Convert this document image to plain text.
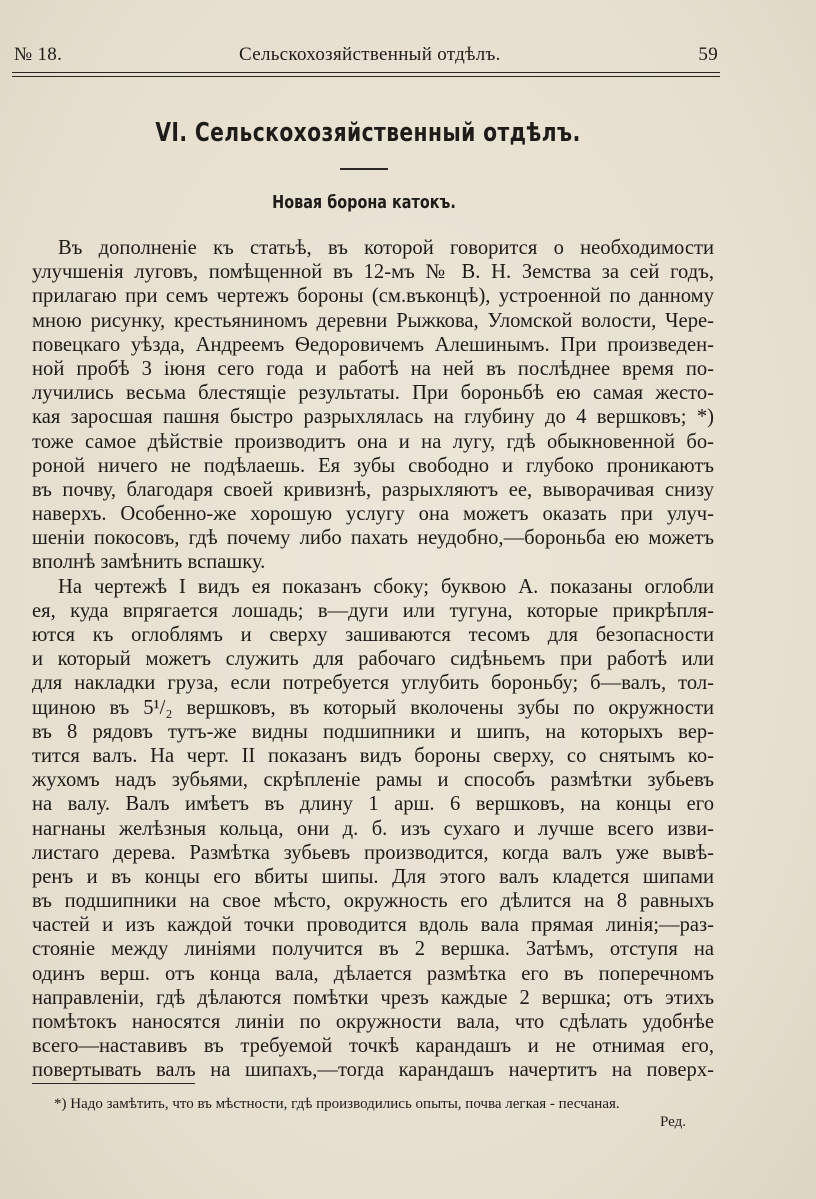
№ 18.	Сельскохозяйственный отдѣлъ.	59
VI. Сельскохозяйственный отдѣлъ.
Новая борона катокъ.
Въ дополненіе къ статьѣ, въ которой говорится о необходимости
улучшенія луговъ, помѣщенной въ 12-мъ № В. Н. Земства за сей годъ,
прилагаю при семъ чертежъ бороны (см.въконцѣ), устроенной по данному
мною рисунку, крестьяниномъ деревни Рыжкова, Уломской волости, Чере-
повецкаго уѣзда, Андреемъ Ѳедоровичемъ Алешинымъ. При произведен-
ной пробѣ 3 іюня сего года и работѣ на ней въ послѣднее время по-
лучились весьма блестящіе результаты. При бороньбѣ ею самая жесто-
кая заросшая пашня быстро разрыхлялась на глубину до 4 вершковъ; *)
тоже самое дѣйствіе производитъ она и на лугу, гдѣ обыкновенной бо-
роной ничего не подѣлаешь. Ея зубы свободно и глубоко проникаютъ
въ почву, благодаря своей кривизнѣ, разрыхляютъ ее, выворачивая снизу
наверхъ. Особенно-же хорошую услугу она можетъ оказать при улуч-
шеніи покосовъ, гдѣ почему либо пахать неудобно,—бороньба ею можетъ
вполнѣ замѣнить вспашку.
На чертежѣ I видъ ея показанъ сбоку; буквою А. показаны оглобли
ея, куда впрягается лошадь; в—дуги или тугуна, которые прикрѣпля-
ются къ оглоблямъ и сверху зашиваются тесомъ для безопасности
и который можетъ служить для рабочаго сидѣньемъ при работѣ или
для накладки груза, если потребуется углубить бороньбу; б—валъ, тол-
щиною въ 5¹/₂ вершковъ, въ который вколочены зубы по окружности
въ 8 рядовъ тутъ-же видны подшипники и шипъ, на которыхъ вер-
тится валъ. На черт. II показанъ видъ бороны сверху, со снятымъ ко-
жухомъ надъ зубьями, скрѣпленіе рамы и способъ размѣтки зубьевъ
на валу. Валъ имѣетъ въ длину 1 арш. 6 вершковъ, на концы его
нагнаны желѣзныя кольца, они д. б. изъ сухаго и лучше всего изви-
листаго дерева. Размѣтка зубьевъ производится, когда валъ уже вывѣ-
ренъ и въ концы его вбиты шипы. Для этого валъ кладется шипами
въ подшипники на свое мѣсто, окружность его дѣлится на 8 равныхъ
частей и изъ каждой точки проводится вдоль вала прямая линія;—раз-
стояніе между линіями получится въ 2 вершка. Затѣмъ, отступя на
одинъ верш. отъ конца вала, дѣлается размѣтка его въ поперечномъ
направленіи, гдѣ дѣлаются помѣтки чрезъ каждые 2 вершка; отъ этихъ
помѣтокъ наносятся линіи по окружности вала, что сдѣлать удобнѣе
всего—наставивъ въ требуемой точкѣ карандашъ и не отнимая его,
повертывать валъ на шипахъ,—тогда карандашъ начертитъ на поверх-
*) Надо замѣтить, что въ мѣстности, гдѣ производились опыты, почва легкая - песчаная.
Ред.
